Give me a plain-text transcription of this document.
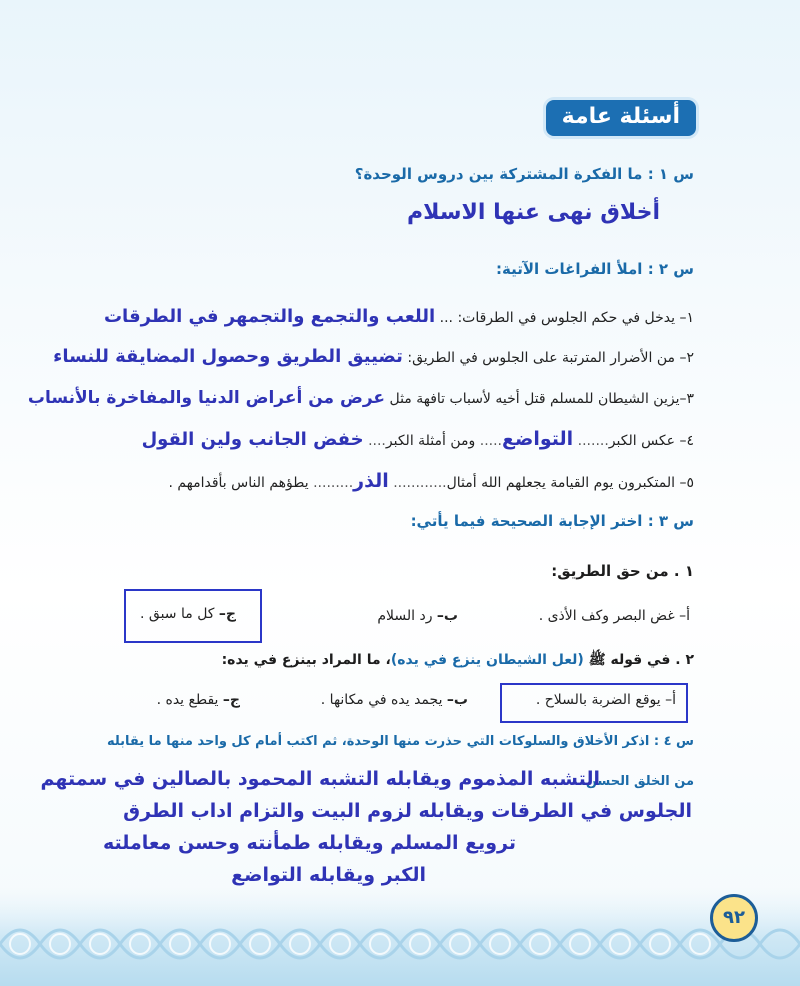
أسئلة عامة
س ١ : ما الفكرة المشتركة بين دروس الوحدة؟
أخلاق نهى عنها الاسلام
س ٢ : املأ الفراغات الآتية:
١– يدخل في حكم الجلوس في الطرقات: ... اللعب والتجمع والتجمهر في الطرقات
٢– من الأضرار المترتبة على الجلوس في الطريق: تضييق الطريق وحصول المضايقة للنساء
٣–يزين الشيطان للمسلم قتل أخيه لأسباب تافهة مثل عرض من أعراض الدنيا والمفاخرة بالأنساب
٤– عكس الكبر....... التواضع..... ومن أمثلة الكبر.... خفض الجانب ولين القول
٥– المتكبرون يوم القيامة يجعلهم الله أمثال............ الذر......... يطؤهم الناس بأقدامهم .
س ٣ : اختر الإجابة الصحيحة فيما يأتي:
١ . من حق الطريق:
أ– غض البصر وكف الأذى .
ب– رد السلام
ج– كل ما سبق .
٢ . في قوله ﷺ (لعل الشيطان ينزع في يده)، ما المراد بينزع في يده:
أ– يوقع الضربة بالسلاح .
ب– يجمد يده في مكانها .
ج– يقطع يده .
س ٤ : اذكر الأخلاق والسلوكات التي حذرت منها الوحدة، ثم اكتب أمام كل واحد منها ما يقابله
من الخلق الحسن.
التشبه المذموم ويقابله التشبه المحمود بالصالين في سمتهم
الجلوس في الطرقات ويقابله لزوم البيت والتزام اداب الطرق
ترويع المسلم ويقابله طمأنته وحسن معاملته
الكبر ويقابله التواضع
٩٢
